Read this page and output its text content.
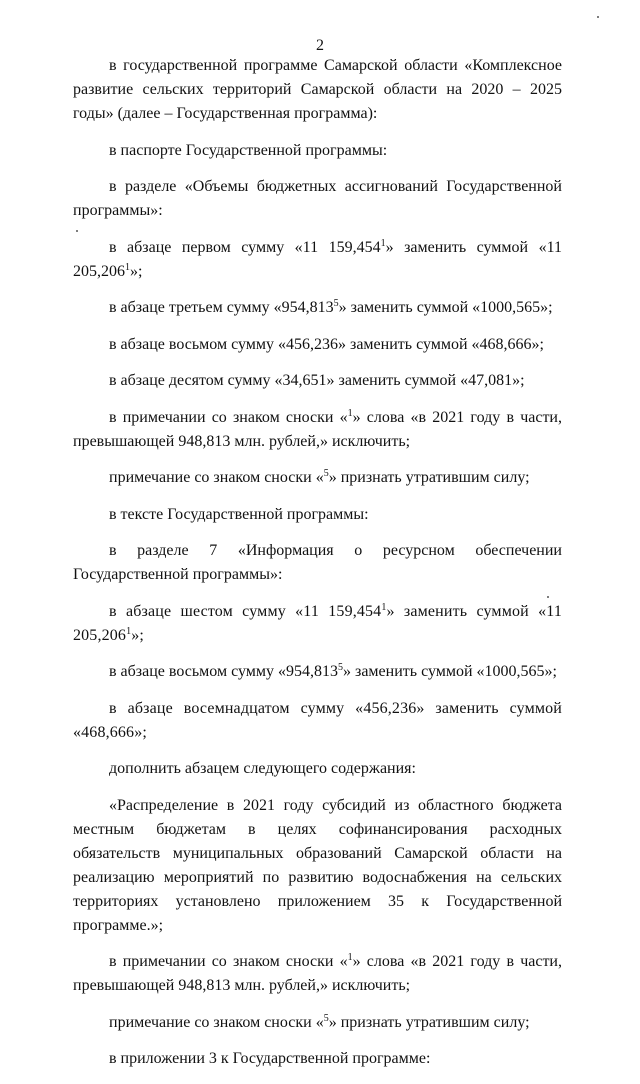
2

в государственной программе Самарской области «Комплексное развитие сельских территорий Самарской области на 2020 – 2025 годы» (далее – Государственная программа):

в паспорте Государственной программы:

в разделе «Объемы бюджетных ассигнований Государственной программы»:

в абзаце первом сумму «11 159,454$^1$» заменить суммой «11 205,206$^1$»;

в абзаце третьем сумму «954,813$^5$» заменить суммой «1000,565»;

в абзаце восьмом сумму «456,236» заменить суммой «468,666»;

в абзаце десятом сумму «34,651» заменить суммой «47,081»;

в примечании со знаком сноски «$^1$» слова «в 2021 году в части, превышающей 948,813 млн. рублей,» исключить;

примечание со знаком сноски «$^5$» признать утратившим силу;

в тексте Государственной программы:

в разделе 7 «Информация о ресурсном обеспечении Государственной программы»:

в абзаце шестом сумму «11 159,454$^1$» заменить суммой «11 205,206$^1$»;

в абзаце восьмом сумму «954,813$^5$» заменить суммой «1000,565»;

в абзаце восемнадцатом сумму «456,236» заменить суммой «468,666»;

дополнить абзацем следующего содержания:

«Распределение в 2021 году субсидий из областного бюджета местным бюджетам в целях софинансирования расходных обязательств муниципальных образований Самарской области на реализацию мероприятий по развитию водоснабжения на сельских территориях установлено приложением 35 к Государственной программе.»;

в примечании со знаком сноски «$^1$» слова «в 2021 году в части, превышающей 948,813 млн. рублей,» исключить;

примечание со знаком сноски «$^5$» признать утратившим силу;

в приложении 3 к Государственной программе:
